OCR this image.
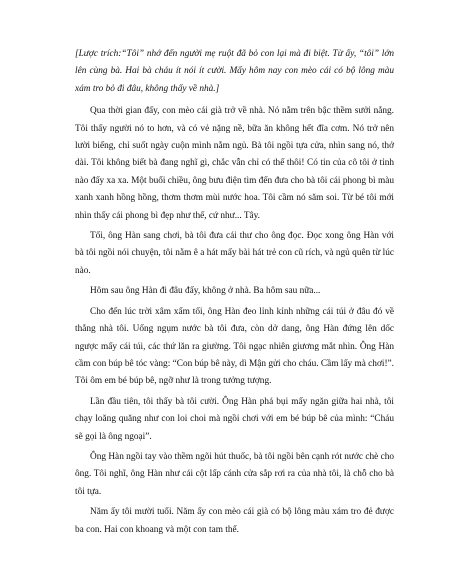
[Lược trích:“Tôi” nhớ đến người mẹ ruột đã bỏ con lại mà đi biệt. Từ ấy, “tôi” lớn lên cùng bà. Hai bà cháu ít nói ít cười. Mấy hôm nay con mèo cái có bộ lông màu xám tro bỏ đi đâu, không thấy về nhà.]

Qua thời gian đấy, con mèo cái già trở về nhà. Nó nằm trên bậc thềm sưởi nắng. Tôi thấy người nó to hơn, và có vẻ nặng nề, bữa ăn không hết đĩa cơm. Nó trở nên lười biếng, chỉ suốt ngày cuộn mình nằm ngủ. Bà tôi ngồi tựa cửa, nhìn sang nó, thở dài. Tôi không biết bà đang nghĩ gì, chắc vẫn chỉ có thế thôi! Có tin của cô tôi ở tỉnh nào đấy xa xa. Một buổi chiều, ông bưu điện tìm đến đưa cho bà tôi cái phong bì màu xanh xanh hồng hồng, thơm thơm mùi nước hoa. Tôi cầm nó săm soi. Từ bé tôi mới nhìn thấy cái phong bì đẹp như thế, cứ như... Tây.

Tối, ông Hàn sang chơi, bà tôi đưa cái thư cho ông đọc. Đọc xong ông Hàn với bà tôi ngồi nói chuyện, tôi nằm ê a hát mấy bài hát trẻ con cũ rích, và ngủ quên từ lúc nào.

Hôm sau ông Hàn đi đâu đấy, không ở nhà. Ba hôm sau nữa...

Cho đến lúc trời xâm xẩm tối, ông Hàn đeo lỉnh kỉnh những cái túi ở đâu đó về thẳng nhà tôi. Uống ngụm nước bà tôi đưa, còn dở dang, ông Hàn đứng lên dốc ngược mấy cái túi, các thứ lăn ra giường. Tôi ngạc nhiên giương mắt nhìn. Ông Hàn cầm con búp bê tóc vàng: “Con búp bê này, dì Mận gửi cho cháu. Cầm lấy mà chơi!”. Tôi ôm em bé búp bê, ngỡ như là trong tưởng tượng.

Lần đầu tiên, tôi thấy bà tôi cười. Ông Hàn phá bụi mấy ngăn giữa hai nhà, tôi chạy loăng quăng như con loi choi mà ngồi chơi với em bé búp bê của mình: “Cháu sẽ gọi là ông ngoại”.

Ông Hàn ngồi tay vào thềm ngõi hút thuốc, bà tôi ngồi bên cạnh rót nước chè cho ông. Tôi nghĩ, ông Hàn như cái cột lấp cánh cửa sắp rơi ra của nhà tôi, là chỗ cho bà tôi tựa.

Năm ấy tôi mười tuổi. Năm ấy con mèo cái già có bộ lông màu xám tro đẻ được ba con. Hai con khoang và một con tam thể.
